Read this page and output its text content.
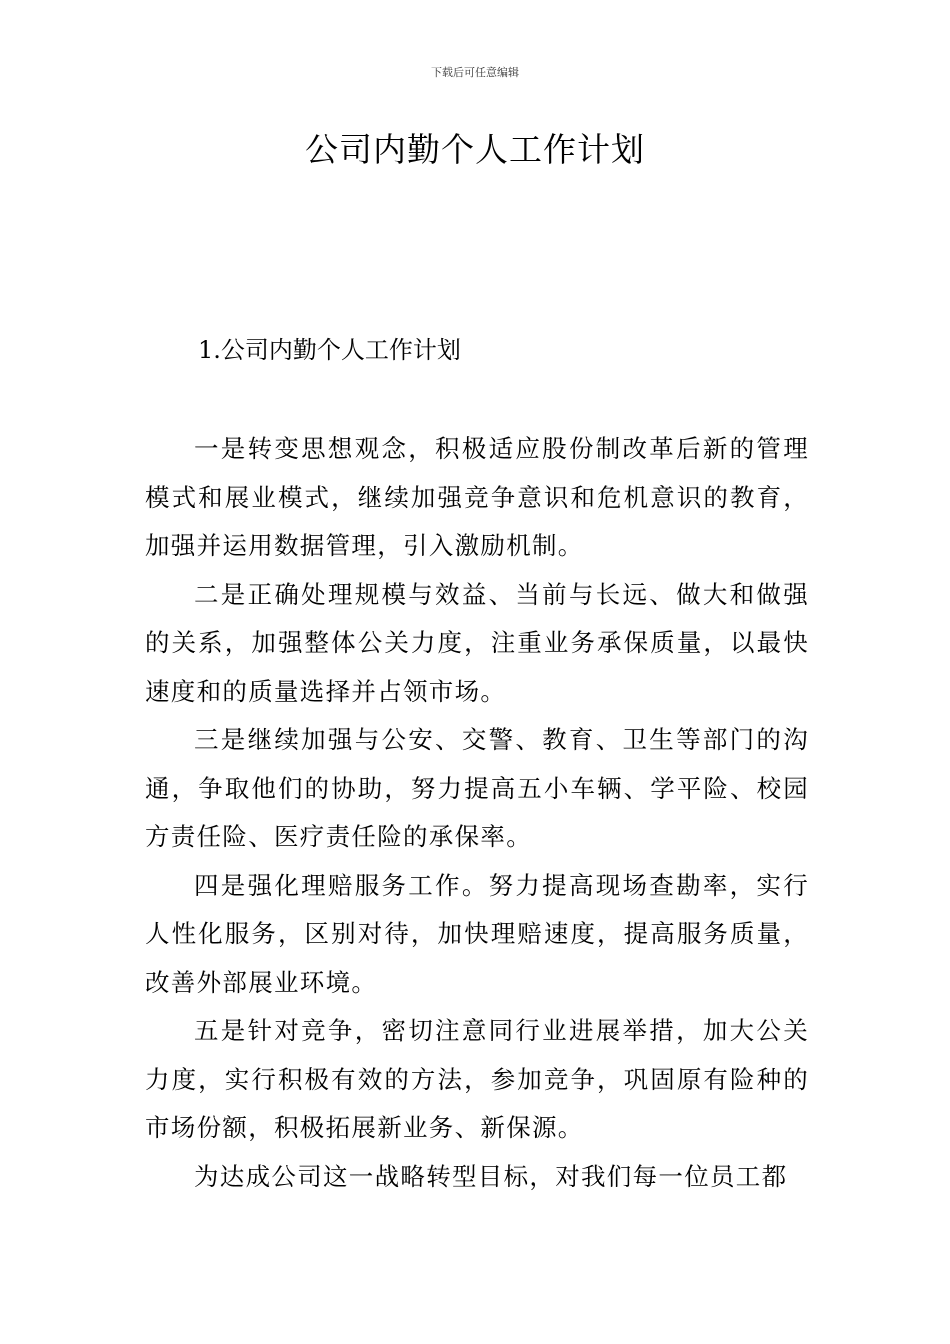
下载后可任意编辑
公司内勤个人工作计划
1.公司内勤个人工作计划

一是转变思想观念，积极适应股份制改革后新的管理模式和展业模式，继续加强竞争意识和危机意识的教育，加强并运用数据管理，引入激励机制。

二是正确处理规模与效益、当前与长远、做大和做强的关系，加强整体公关力度，注重业务承保质量，以最快速度和的质量选择并占领市场。

三是继续加强与公安、交警、教育、卫生等部门的沟通，争取他们的协助，努力提高五小车辆、学平险、校园方责任险、医疗责任险的承保率。

四是强化理赔服务工作。努力提高现场查勘率，实行人性化服务，区别对待，加快理赔速度，提高服务质量，改善外部展业环境。

五是针对竞争，密切注意同行业进展举措，加大公关力度，实行积极有效的方法，参加竞争，巩固原有险种的市场份额，积极拓展新业务、新保源。

为达成公司这一战略转型目标，对我们每一位员工都
